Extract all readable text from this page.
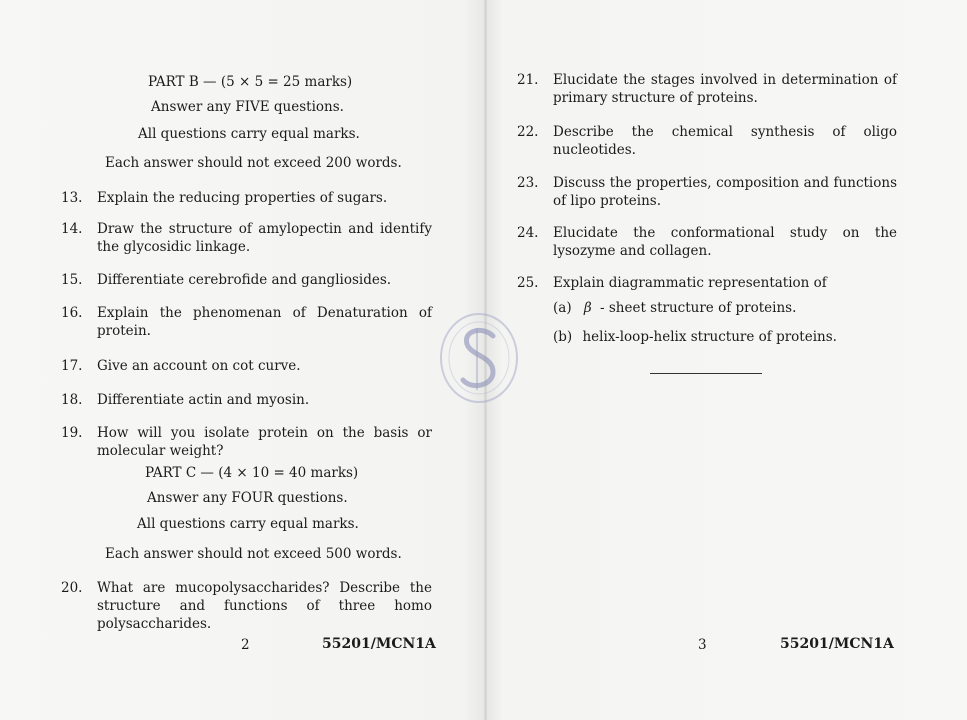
PART B — (5 × 5 = 25 marks)
Answer any FIVE questions.
All questions carry equal marks.
Each answer should not exceed 200 words.
13.	Explain the reducing properties of sugars.
14.	Draw the structure of amylopectin and identify the glycosidic linkage.
15.	Differentiate cerebrofide and gangliosides.
16.	Explain the phenomenan of Denaturation of protein.
17.	Give an account on cot curve.
18.	Differentiate actin and myosin.
19.	How will you isolate protein on the basis or molecular weight?
PART C — (4 × 10 = 40 marks)
Answer any FOUR questions.
All questions carry equal marks.
Each answer should not exceed 500 words.
20.	What are mucopolysaccharides? Describe the structure and functions of three homo polysaccharides.
2	55201/MCN1A
21.	Elucidate the stages involved in determination of primary structure of proteins.
22.	Describe the chemical synthesis of oligo nucleotides.
23.	Discuss the properties, composition and functions of lipo proteins.
24.	Elucidate the conformational study on the lysozyme and collagen.
25.	Explain diagrammatic representation of
(a) β - sheet structure of proteins.
(b) helix-loop-helix structure of proteins.
3	55201/MCN1A
